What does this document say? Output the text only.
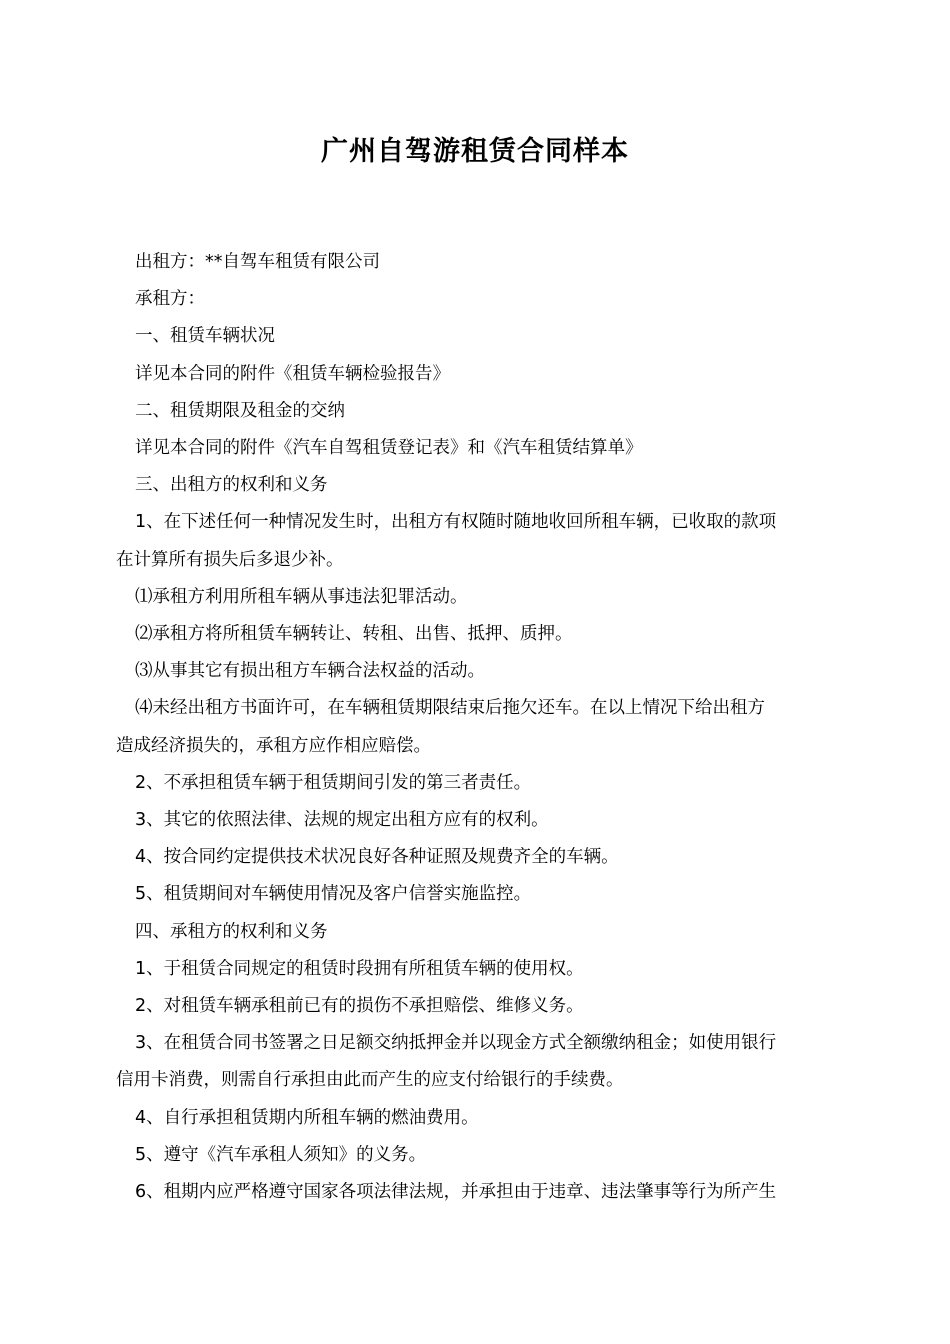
广州自驾游租赁合同样本
出租方：**自驾车租赁有限公司
承租方：
一、租赁车辆状况
详见本合同的附件《租赁车辆检验报告》
二、租赁期限及租金的交纳
详见本合同的附件《汽车自驾租赁登记表》和《汽车租赁结算单》
三、出租方的权利和义务
1、在下述任何一种情况发生时，出租方有权随时随地收回所租车辆，已收取的款项
在计算所有损失后多退少补。
⑴承租方利用所租车辆从事违法犯罪活动。
⑵承租方将所租赁车辆转让、转租、出售、抵押、质押。
⑶从事其它有损出租方车辆合法权益的活动。
⑷未经出租方书面许可，在车辆租赁期限结束后拖欠还车。在以上情况下给出租方
造成经济损失的，承租方应作相应赔偿。
2、不承担租赁车辆于租赁期间引发的第三者责任。
3、其它的依照法律、法规的规定出租方应有的权利。
4、按合同约定提供技术状况良好各种证照及规费齐全的车辆。
5、租赁期间对车辆使用情况及客户信誉实施监控。
四、承租方的权利和义务
1、于租赁合同规定的租赁时段拥有所租赁车辆的使用权。
2、对租赁车辆承租前已有的损伤不承担赔偿、维修义务。
3、在租赁合同书签署之日足额交纳抵押金并以现金方式全额缴纳租金；如使用银行
信用卡消费，则需自行承担由此而产生的应支付给银行的手续费。
4、自行承担租赁期内所租车辆的燃油费用。
5、遵守《汽车承租人须知》的义务。
6、租期内应严格遵守国家各项法律法规，并承担由于违章、违法肇事等行为所产生
